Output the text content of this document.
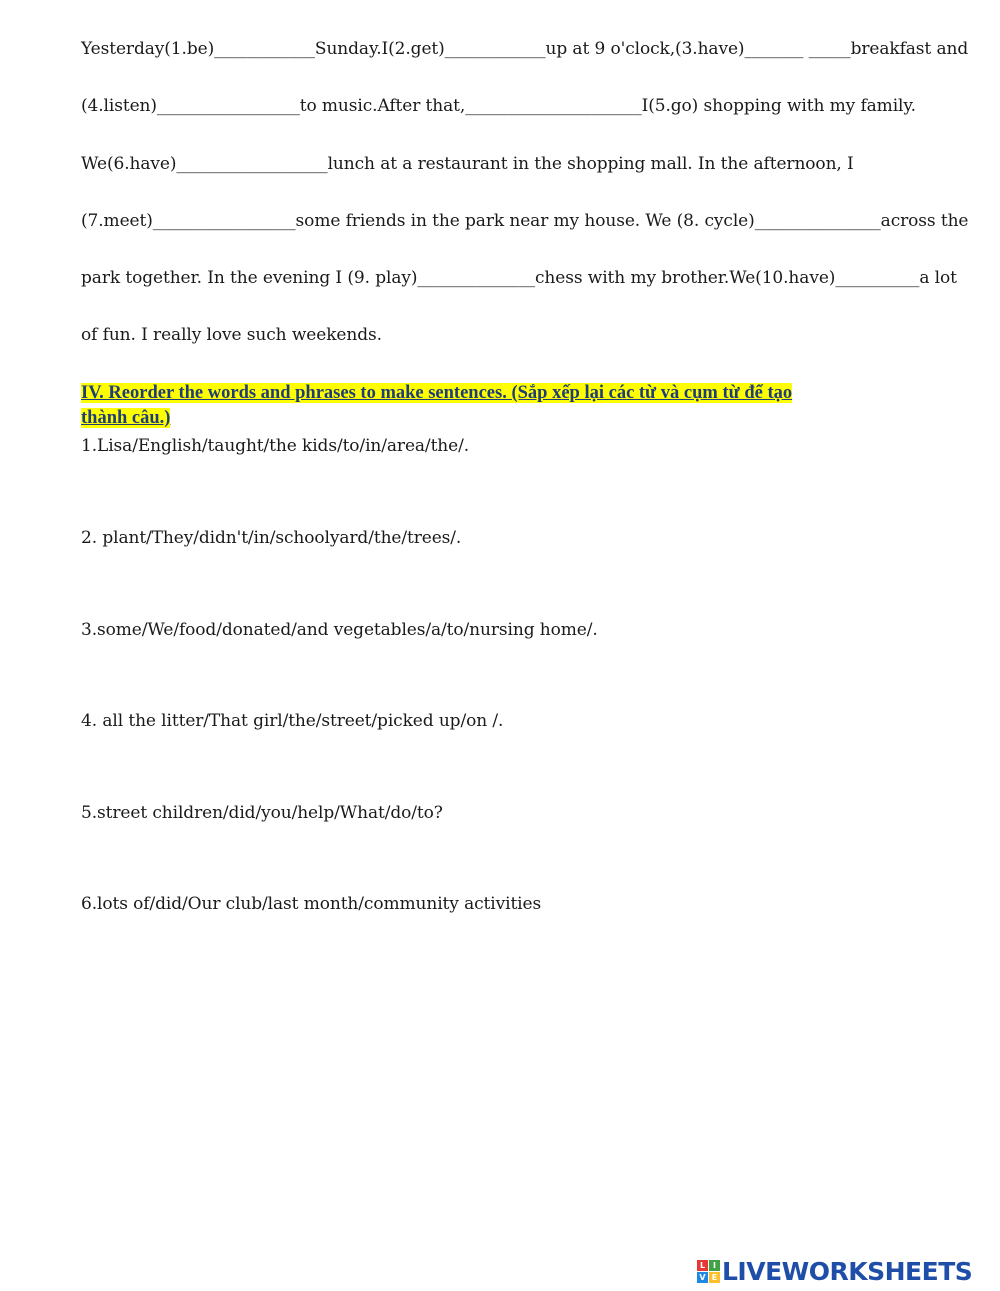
Yesterday(1.be)____________Sunday.I(2.get)____________up at 9 o'clock,(3.have)_______ _____breakfast and
(4.listen)_________________to music.After that,_____________________I(5.go) shopping with my family.
We(6.have)__________________lunch at a restaurant in the shopping mall. In the afternoon, I
(7.meet)_________________some friends in the park near my house. We (8. cycle)_______________across the
park together. In the evening I (9. play)______________chess with my brother.We(10.have)__________a lot
of fun. I really love such weekends.
IV. Reorder the words and phrases to make sentences. (Sắp xếp lại các từ và cụm từ để tạo
thành câu.)
1.Lisa/English/taught/the kids/to/in/area/the/.
2. plant/They/didn't/in/schoolyard/the/trees/.
3.some/We/food/donated/and vegetables/a/to/nursing home/.
4. all the litter/That girl/the/street/picked up/on /.
5.street children/did/you/help/What/do/to?
6.lots of/did/Our club/last month/community activities
L I
V E LIVEWORKSHEETS
